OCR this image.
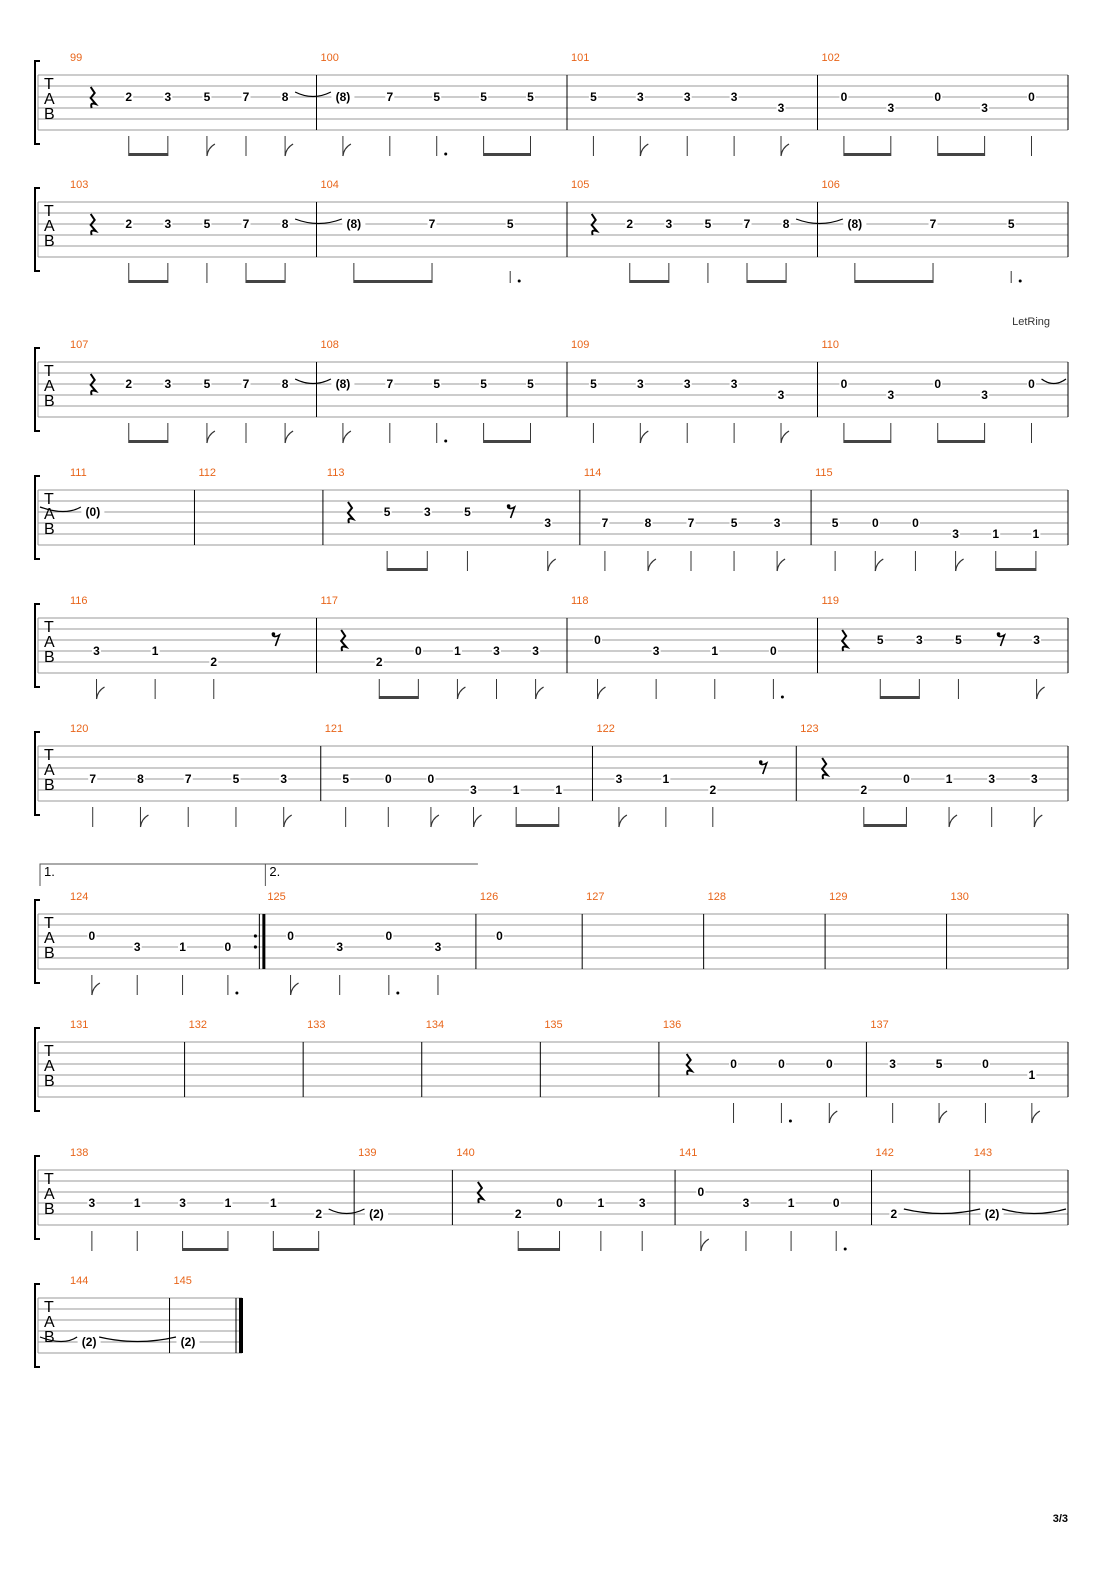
T
A
B
99
2	3	5	7	8
100
(8)	7	5	5	5
101
5	3	3	3
3
102
0
3
0
3
0
T
A
B
103
2	3	5	7	8
104
(8)	7	5
105
2	3	5	7	8
106
(8)	7	5
T
A
B
LetRing
107
2	3	5	7	8
108
(8)	7	5	5	5
109
5	3	3	3
3
110
0
3
0
3
0
T
A
B
111
(0)
112	113
5	3	5
3
114
7	8	7	5	3
115
5	0	0
3	1	1
T
A
B
116
3	1
2
117
2
0	1	3	3
118
0
3	1	0
119
5	3	5	3
T
A
B
120
7	8	7	5	3
121
5	0	0
3	1	1
122
3	1
2
123
2
0	1	3	3
T
A
B
124
0
3	1	0
125
0
3
0
3
126
0
127	128	129	130
1.	2.
T
A
B
131	132	133	134	135	136
0	0	0
137
3	5	0
1
T
A
B
138
3	1	3	1	1
2
139
(2)
140
2
0	1	3
141
0
3	1	0
142
2
143
(2)
T
A
B
144
(2)
145
(2)
3/3
